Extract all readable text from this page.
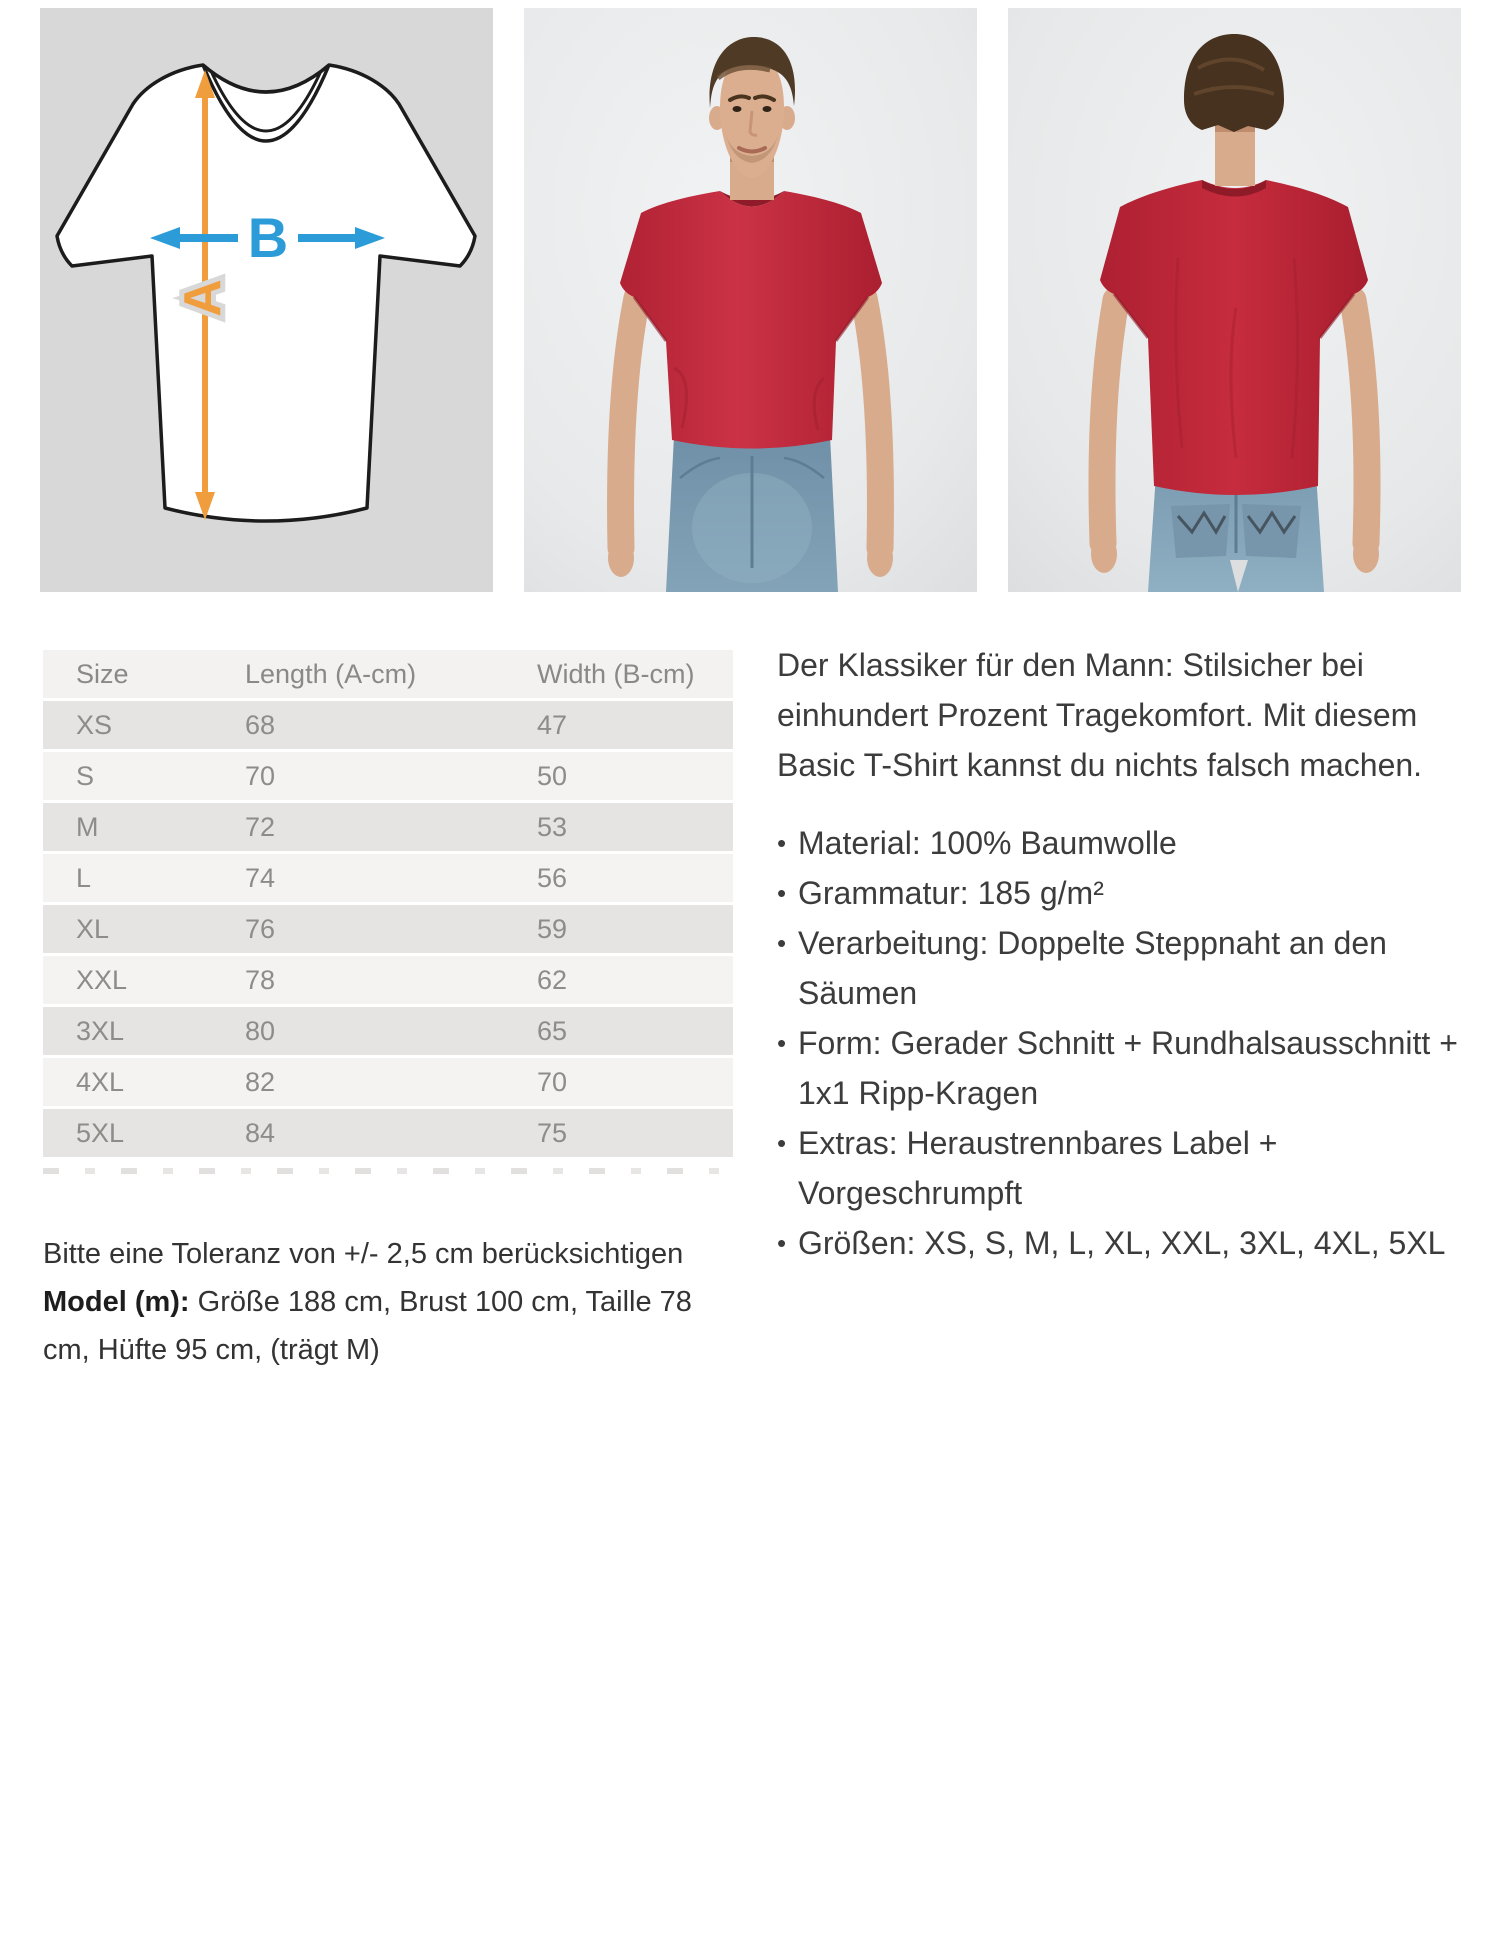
A
B
Size	Length (A-cm)	Width (B-cm)
XS	68	47
S	70	50
M	72	53
L	74	56
XL	76	59
XXL	78	62
3XL	80	65
4XL	82	70
5XL	84	75

Der Klassiker für den Mann: Stilsicher bei einhundert Prozent Tragekomfort. Mit diesem Basic T-Shirt kannst du nichts falsch machen.

• Material: 100% Baumwolle
• Grammatur: 185 g/m²
• Verarbeitung: Doppelte Steppnaht an den Säumen
• Form: Gerader Schnitt + Rundhalsausschnitt + 1x1 Ripp-Kragen
• Extras: Heraustrennbares Label + Vorgeschrumpft
• Größen: XS, S, M, L, XL, XXL, 3XL, 4XL, 5XL
Bitte eine Toleranz von +/- 2,5 cm berücksichtigen
Model (m): Größe 188 cm, Brust 100 cm, Taille 78 cm, Hüfte 95 cm, (trägt M)
